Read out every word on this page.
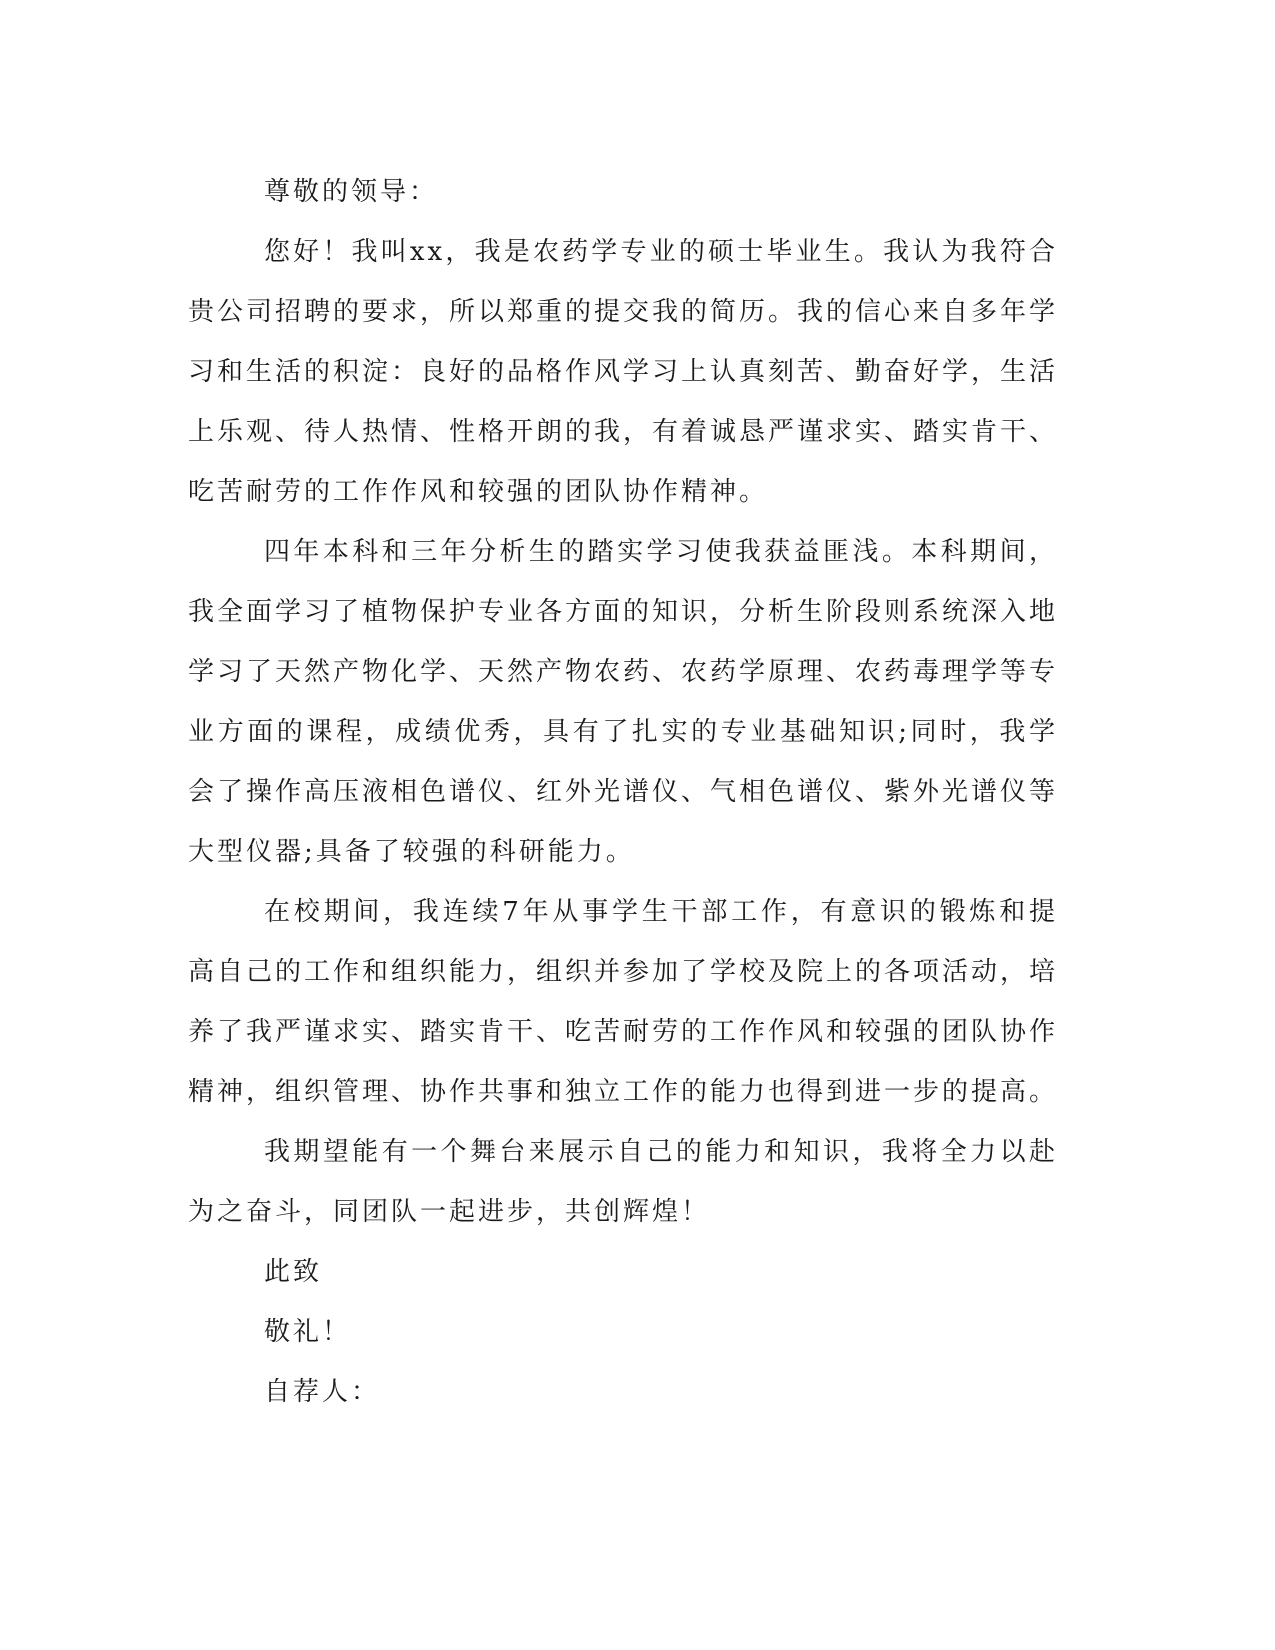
尊敬的领导：

您好！我叫xx，我是农药学专业的硕士毕业生。我认为我符合贵公司招聘的要求，所以郑重的提交我的简历。我的信心来自多年学习和生活的积淀：良好的品格作风学习上认真刻苦、勤奋好学，生活上乐观、待人热情、性格开朗的我，有着诚恳严谨求实、踏实肯干、吃苦耐劳的工作作风和较强的团队协作精神。

四年本科和三年分析生的踏实学习使我获益匪浅。本科期间，我全面学习了植物保护专业各方面的知识，分析生阶段则系统深入地学习了天然产物化学、天然产物农药、农药学原理、农药毒理学等专业方面的课程，成绩优秀，具有了扎实的专业基础知识;同时，我学会了操作高压液相色谱仪、红外光谱仪、气相色谱仪、紫外光谱仪等大型仪器;具备了较强的科研能力。

在校期间，我连续7年从事学生干部工作，有意识的锻炼和提高自己的工作和组织能力，组织并参加了学校及院上的各项活动，培养了我严谨求实、踏实肯干、吃苦耐劳的工作作风和较强的团队协作精神，组织管理、协作共事和独立工作的能力也得到进一步的提高。

我期望能有一个舞台来展示自己的能力和知识，我将全力以赴为之奋斗，同团队一起进步，共创辉煌！

此致

敬礼！

自荐人：
